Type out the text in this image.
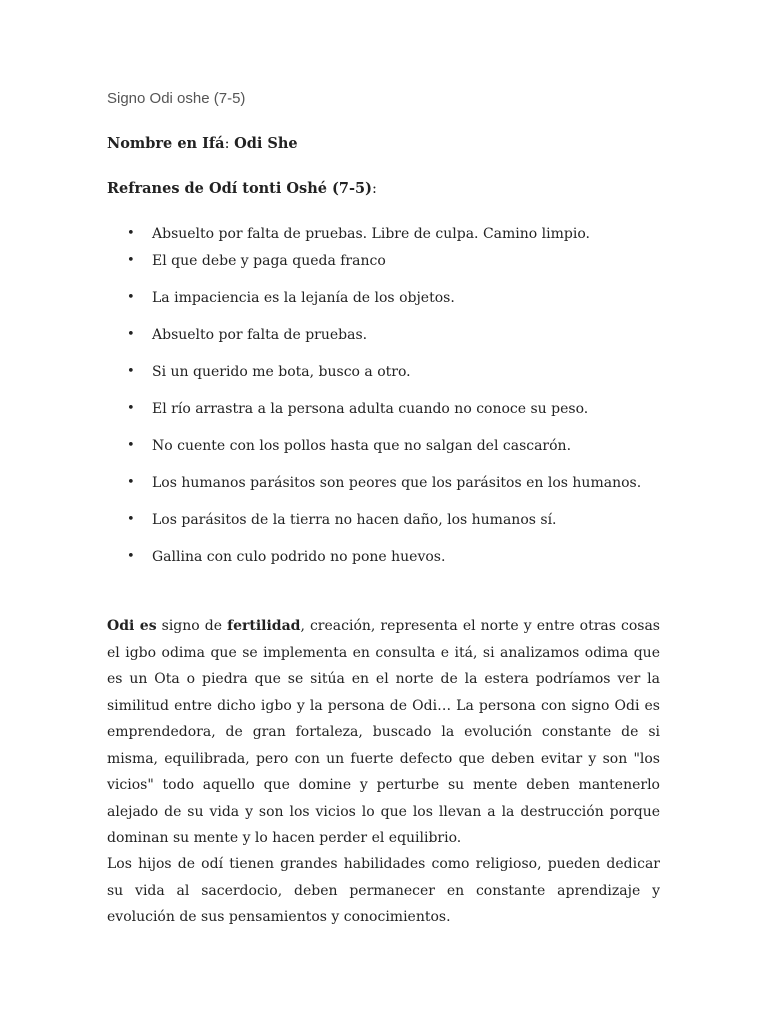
Signo Odi oshe (7-5)

Nombre en Ifá: Odi She

Refranes de Odí tonti Oshé (7-5):

• Absuelto por falta de pruebas. Libre de culpa. Camino limpio.
• El que debe y paga queda franco
• La impaciencia es la lejanía de los objetos.
• Absuelto por falta de pruebas.
• Si un querido me bota, busco a otro.
• El río arrastra a la persona adulta cuando no conoce su peso.
• No cuente con los pollos hasta que no salgan del cascarón.
• Los humanos parásitos son peores que los parásitos en los humanos.
• Los parásitos de la tierra no hacen daño, los humanos sí.
• Gallina con culo podrido no pone huevos.

Odi es signo de fertilidad, creación, representa el norte y entre otras cosas el igbo odima que se implementa en consulta e itá, si analizamos odima que es un Ota o piedra que se sitúa en el norte de la estera podríamos ver la similitud entre dicho igbo y la persona de Odi… La persona con signo Odi es emprendedora, de gran fortaleza, buscado la evolución constante de si misma, equilibrada, pero con un fuerte defecto que deben evitar y son "los vicios" todo aquello que domine y perturbe su mente deben mantenerlo alejado de su vida y son los vicios lo que los llevan a la destrucción porque dominan su mente y lo hacen perder el equilibrio.

Los hijos de odí tienen grandes habilidades como religioso, pueden dedicar su vida al sacerdocio, deben permanecer en constante aprendizaje y evolución de sus pensamientos y conocimientos.
